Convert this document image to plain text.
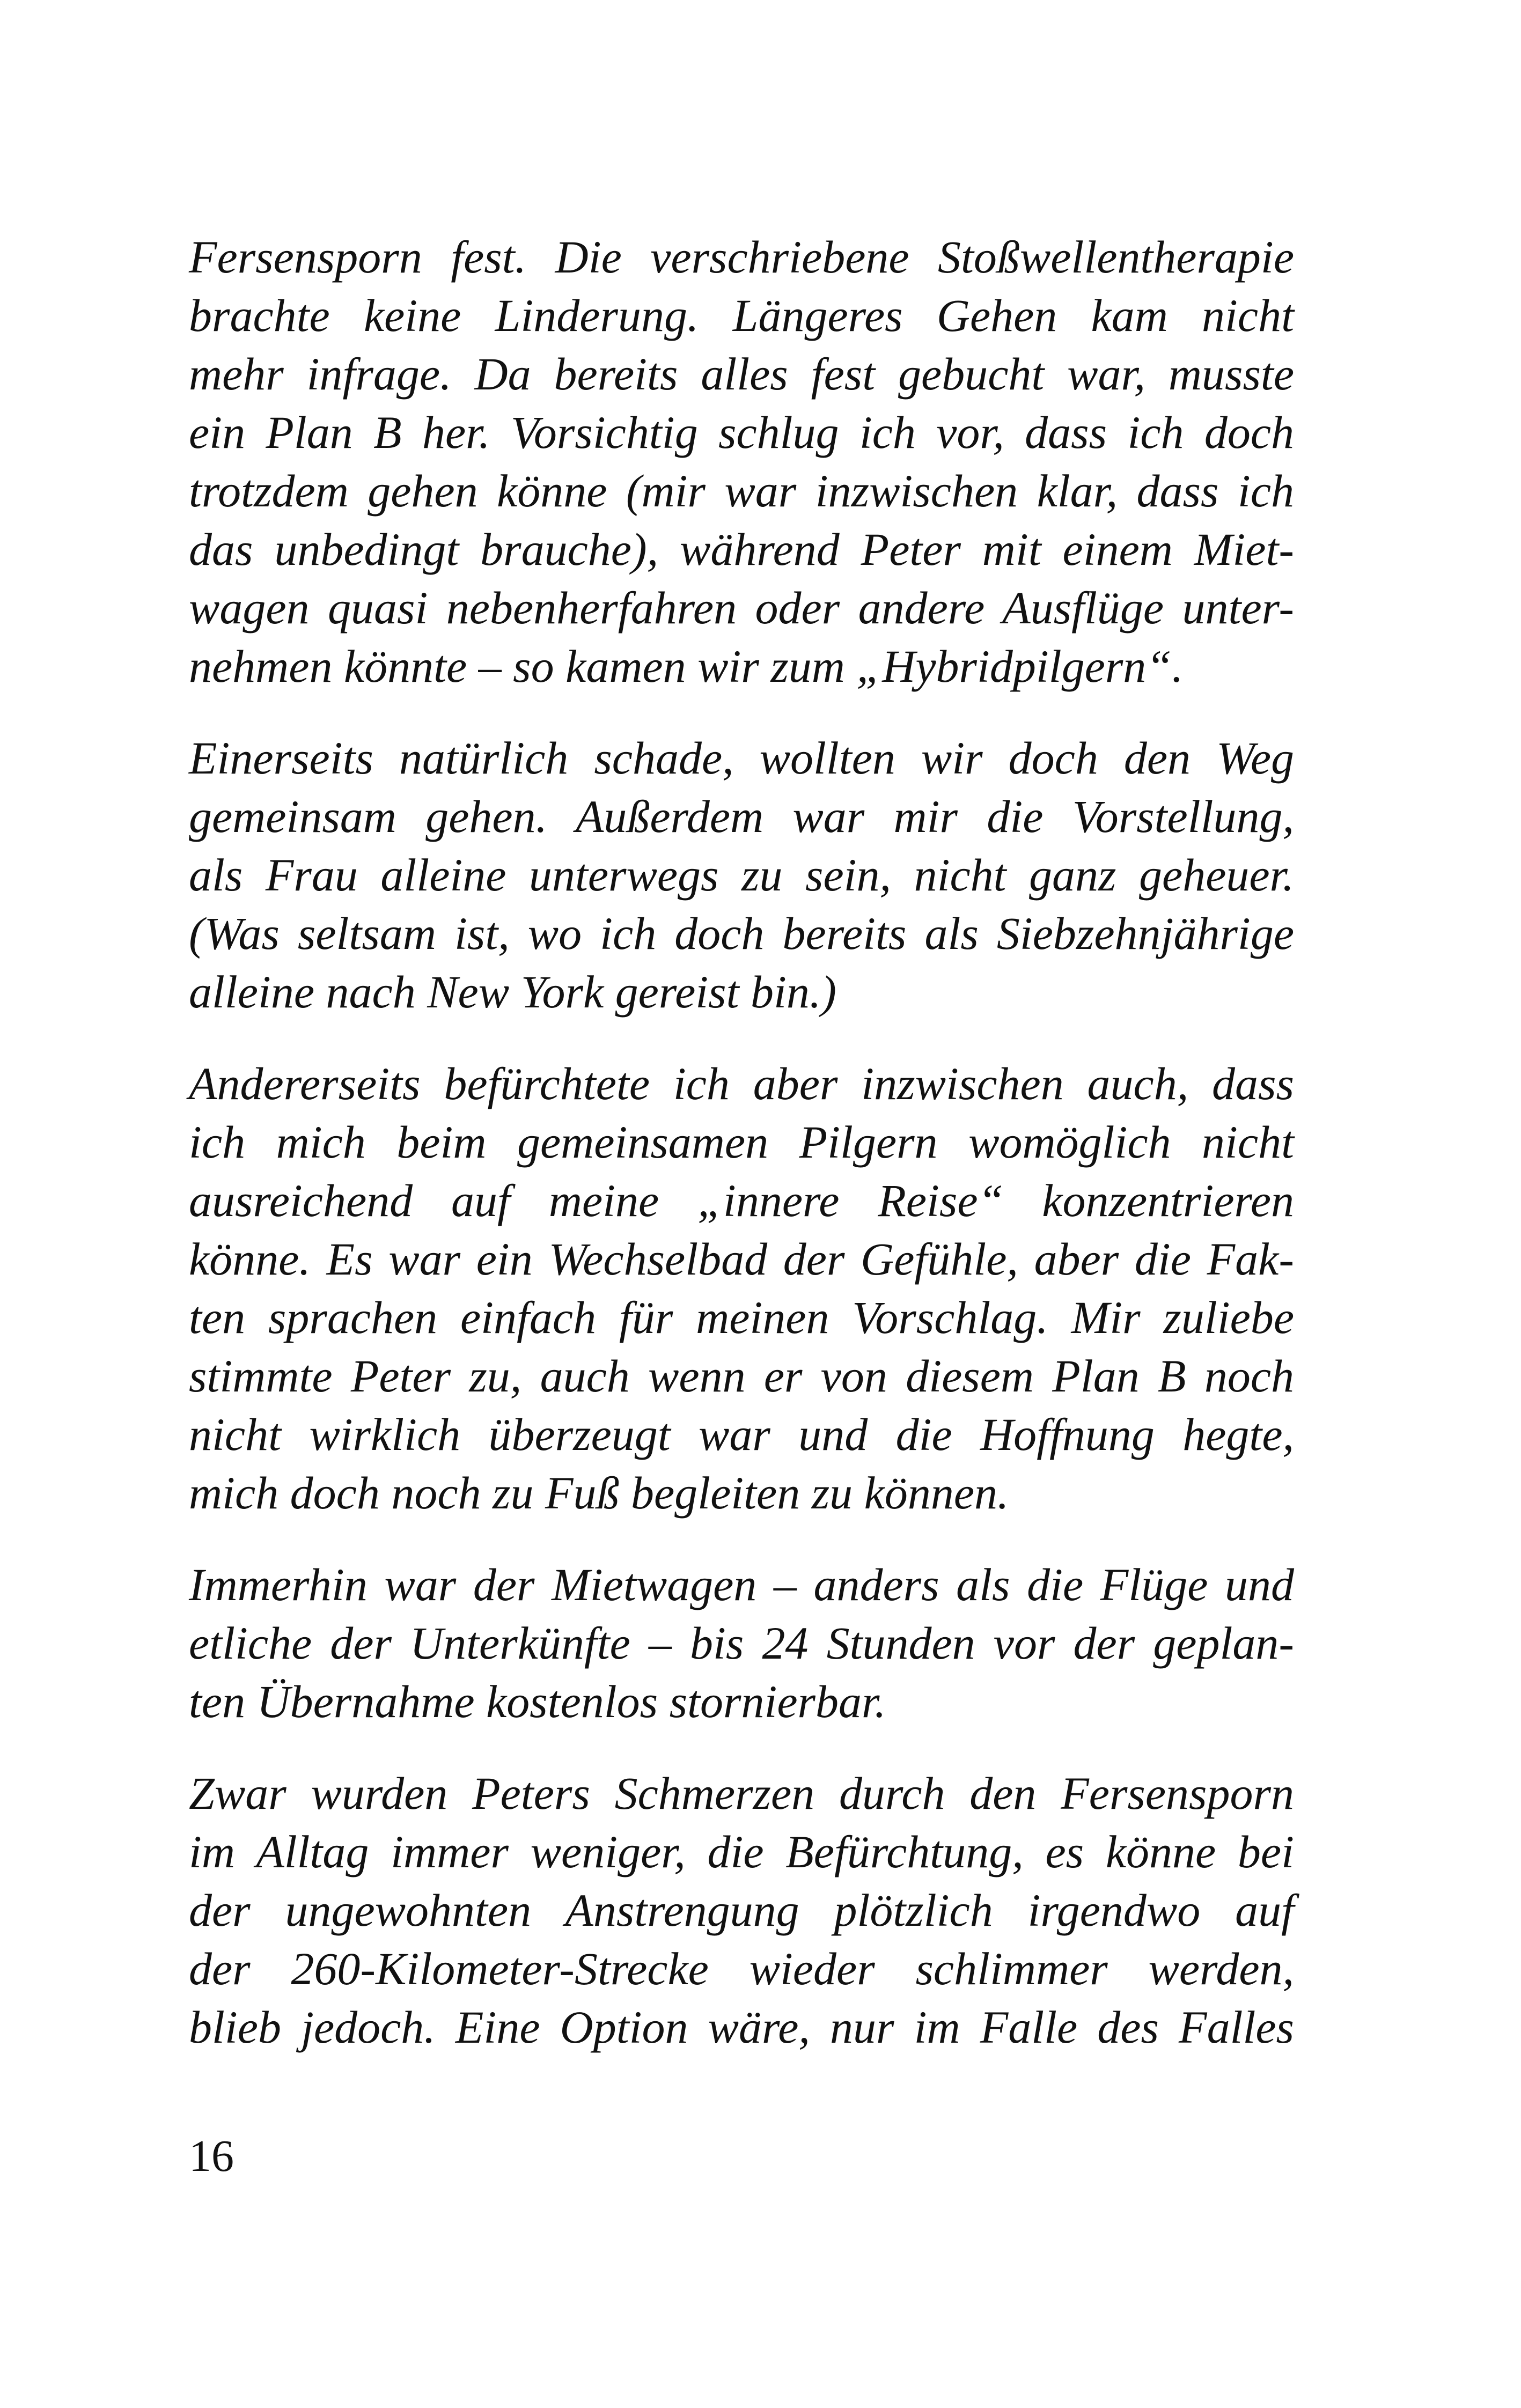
Fersensporn fest. Die verschriebene Stoßwellentherapie
brachte keine Linderung. Längeres Gehen kam nicht
mehr infrage. Da bereits alles fest gebucht war, musste
ein Plan B her. Vorsichtig schlug ich vor, dass ich doch
trotzdem gehen könne (mir war inzwischen klar, dass ich
das unbedingt brauche), während Peter mit einem Miet-
wagen quasi nebenherfahren oder andere Ausflüge unter-
nehmen könnte – so kamen wir zum „Hybridpilgern“.

Einerseits natürlich schade, wollten wir doch den Weg
gemeinsam gehen. Außerdem war mir die Vorstellung,
als Frau alleine unterwegs zu sein, nicht ganz geheuer.
(Was seltsam ist, wo ich doch bereits als Siebzehnjährige
alleine nach New York gereist bin.)

Andererseits befürchtete ich aber inzwischen auch, dass
ich mich beim gemeinsamen Pilgern womöglich nicht
ausreichend auf meine „innere Reise“ konzentrieren
könne. Es war ein Wechselbad der Gefühle, aber die Fak-
ten sprachen einfach für meinen Vorschlag. Mir zuliebe
stimmte Peter zu, auch wenn er von diesem Plan B noch
nicht wirklich überzeugt war und die Hoffnung hegte,
mich doch noch zu Fuß begleiten zu können.

Immerhin war der Mietwagen – anders als die Flüge und
etliche der Unterkünfte – bis 24 Stunden vor der geplan-
ten Übernahme kostenlos stornierbar.

Zwar wurden Peters Schmerzen durch den Fersensporn
im Alltag immer weniger, die Befürchtung, es könne bei
der ungewohnten Anstrengung plötzlich irgendwo auf
der 260-Kilometer-Strecke wieder schlimmer werden,
blieb jedoch. Eine Option wäre, nur im Falle des Falles

16
